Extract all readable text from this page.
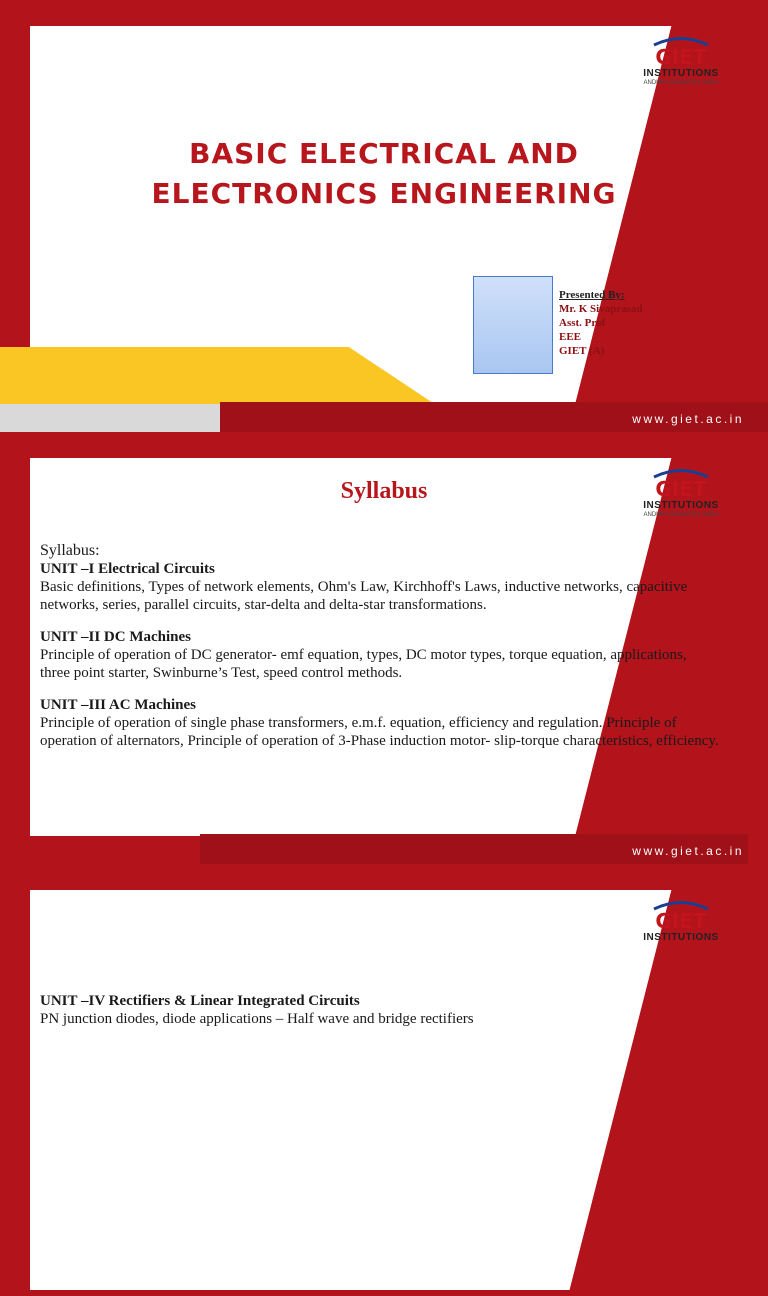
www.giet.ac.in
GIET
INSTITUTIONS
ANDHRA PRADESH, INDIA
BASIC ELECTRICAL AND
ELECTRONICS ENGINEERING
Presented By:
Mr. K Sivaprasad
Asst. Prof
EEE
GIET (A)
www.giet.ac.in
GIET
INSTITUTIONS
ANDHRA PRADESH, INDIA
Syllabus
Syllabus:
UNIT –I Electrical Circuits
Basic definitions, Types of network elements, Ohm's Law, Kirchhoff's Laws, inductive networks, capacitive networks, series, parallel circuits, star-delta and delta-star transformations.
UNIT –II DC Machines
Principle of operation of DC generator- emf equation, types, DC motor types, torque equation, applications, three point starter, Swinburne’s Test, speed control methods.
UNIT –III AC Machines
Principle of operation of single phase transformers, e.m.f. equation, efficiency and regulation. Principle of operation of alternators, Principle of operation of 3-Phase induction motor- slip-torque characteristics, efficiency.
GIET
INSTITUTIONS
UNIT –IV Rectifiers & Linear Integrated Circuits
PN junction diodes, diode applications – Half wave and bridge rectifiers
